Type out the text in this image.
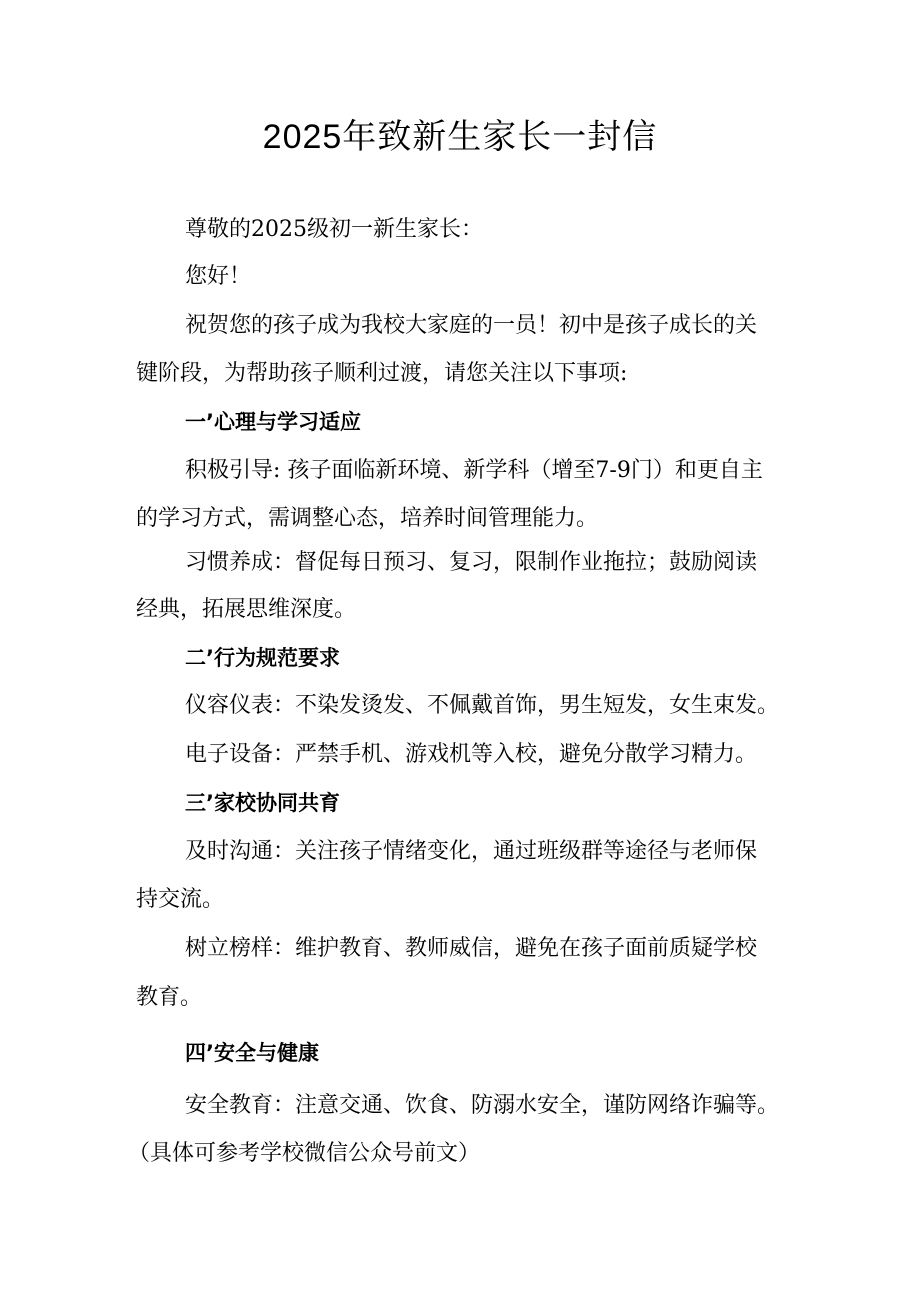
2025年致新生家长一封信

尊敬的2025级初一新生家长：

您好！

祝贺您的孩子成为我校大家庭的一员！初中是孩子成长的关

键阶段，为帮助孩子顺利过渡，请您关注以下事项:

一’心理与学习适应

积极引导: 孩子面临新环境、新学科（增至7-9门）和更自主

的学习方式，需调整心态，培养时间管理能力。

习惯养成：督促每日预习、复习，限制作业拖拉；鼓励阅读

经典，拓展思维深度。

二’行为规范要求

仪容仪表：不染发烫发、不佩戴首饰，男生短发，女生束发。

电子设备：严禁手机、游戏机等入校，避免分散学习精力。

三’家校协同共育

及时沟通：关注孩子情绪变化，通过班级群等途径与老师保

持交流。

树立榜样：维护教育、教师威信，避免在孩子面前质疑学校

教育。

四’安全与健康

安全教育：注意交通、饮食、防溺水安全，谨防网络诈骗等。

（具体可参考学校微信公众号前文）
